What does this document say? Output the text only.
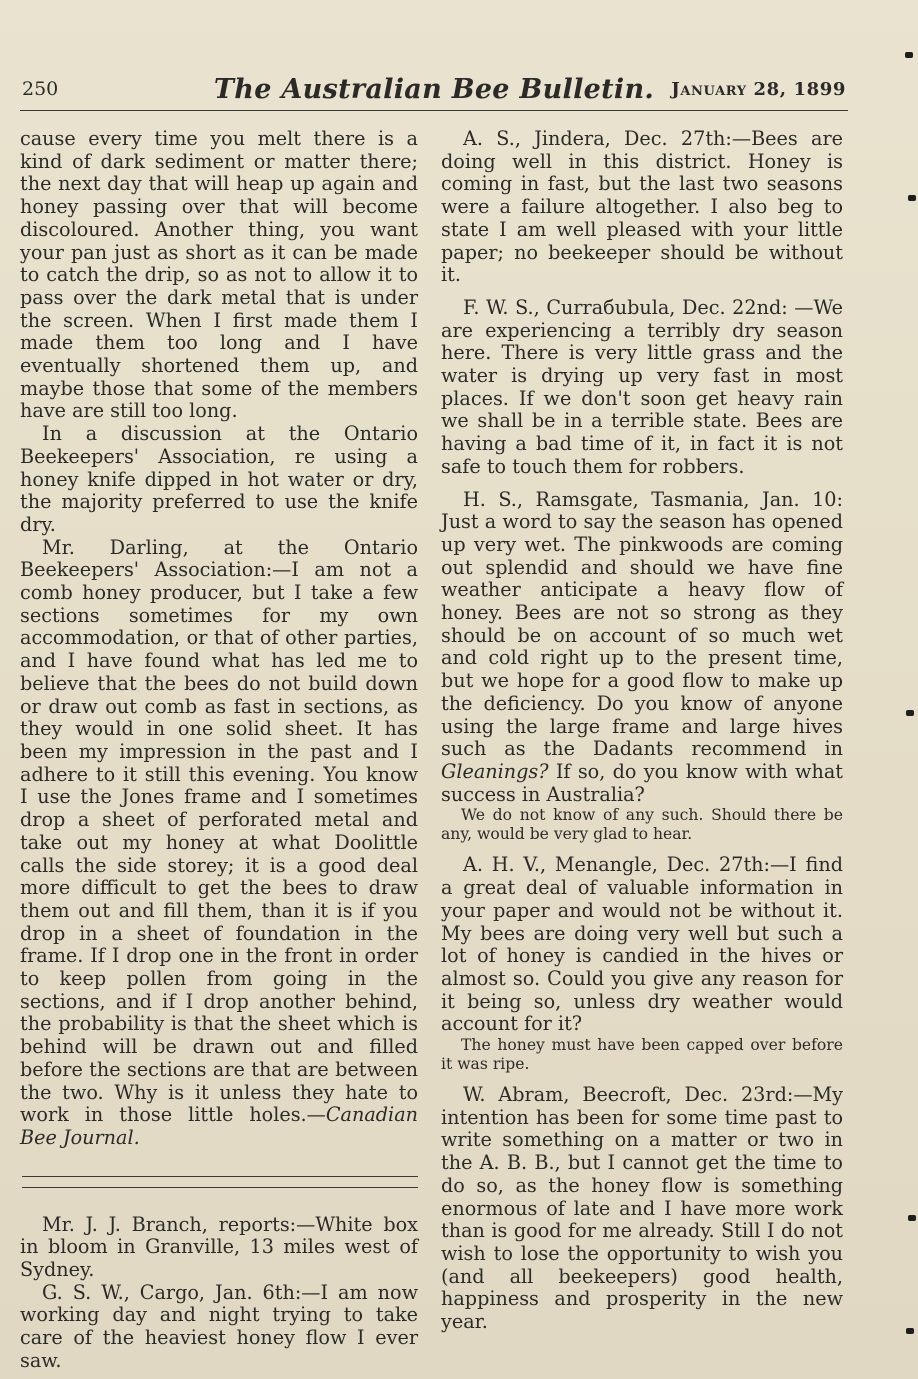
250	The Australian Bee Bulletin. January 28, 1899

cause every time you melt there is a kind of dark sediment or matter there; the next day that will heap up again and honey passing over that will become discoloured. Another thing, you want your pan just as short as it can be made to catch the drip, so as not to allow it to pass over the dark metal that is under the screen. When I first made them I made them too long and I have eventually shortened them up, and maybe those that some of the members have are still too long.

In a discussion at the Ontario Beekeepers' Association, re using a honey knife dipped in hot water or dry, the majority preferred to use the knife dry.

Mr. Darling, at the Ontario Beekeepers' Association:—I am not a comb honey producer, but I take a few sections sometimes for my own accommodation, or that of other parties, and I have found what has led me to believe that the bees do not build down or draw out comb as fast in sections, as they would in one solid sheet. It has been my impression in the past and I adhere to it still this evening. You know I use the Jones frame and I sometimes drop a sheet of perforated metal and take out my honey at what Doolittle calls the side storey; it is a good deal more difficult to get the bees to draw them out and fill them, than it is if you drop in a sheet of foundation in the frame. If I drop one in the front in order to keep pollen from going in the sections, and if I drop another behind, the probability is that the sheet which is behind will be drawn out and filled before the sections are that are between the two. Why is it unless they hate to work in those little holes.—Canadian Bee Journal.

Mr. J. J. Branch, reports:—White box in bloom in Granville, 13 miles west of Sydney.

G. S. W., Cargo, Jan. 6th:—I am now working day and night trying to take care of the heaviest honey flow I ever saw.

A. S., Jindera, Dec. 27th:—Bees are doing well in this district. Honey is coming in fast, but the last two seasons were a failure altogether. I also beg to state I am well pleased with your little paper; no beekeeper should be without it.

F. W. S., Curraбubula, Dec. 22nd: —We are experiencing a terribly dry season here. There is very little grass and the water is drying up very fast in most places. If we don't soon get heavy rain we shall be in a terrible state. Bees are having a bad time of it, in fact it is not safe to touch them for robbers.

H. S., Ramsgate, Tasmania, Jan. 10: Just a word to say the season has opened up very wet. The pinkwoods are coming out splendid and should we have fine weather anticipate a heavy flow of honey. Bees are not so strong as they should be on account of so much wet and cold right up to the present time, but we hope for a good flow to make up the deficiency. Do you know of anyone using the large frame and large hives such as the Dadants recommend in Gleanings? If so, do you know with what success in Australia?

We do not know of any such. Should there be any, would be very glad to hear.

A. H. V., Menangle, Dec. 27th:—I find a great deal of valuable information in your paper and would not be without it. My bees are doing very well but such a lot of honey is candied in the hives or almost so. Could you give any reason for it being so, unless dry weather would account for it?

The honey must have been capped over before it was ripe.

W. Abram, Beecroft, Dec. 23rd:—My intention has been for some time past to write something on a matter or two in the A. B. B., but I cannot get the time to do so, as the honey flow is something enormous of late and I have more work than is good for me already. Still I do not wish to lose the opportunity to wish you (and all beekeepers) good health, happiness and prosperity in the new year.
